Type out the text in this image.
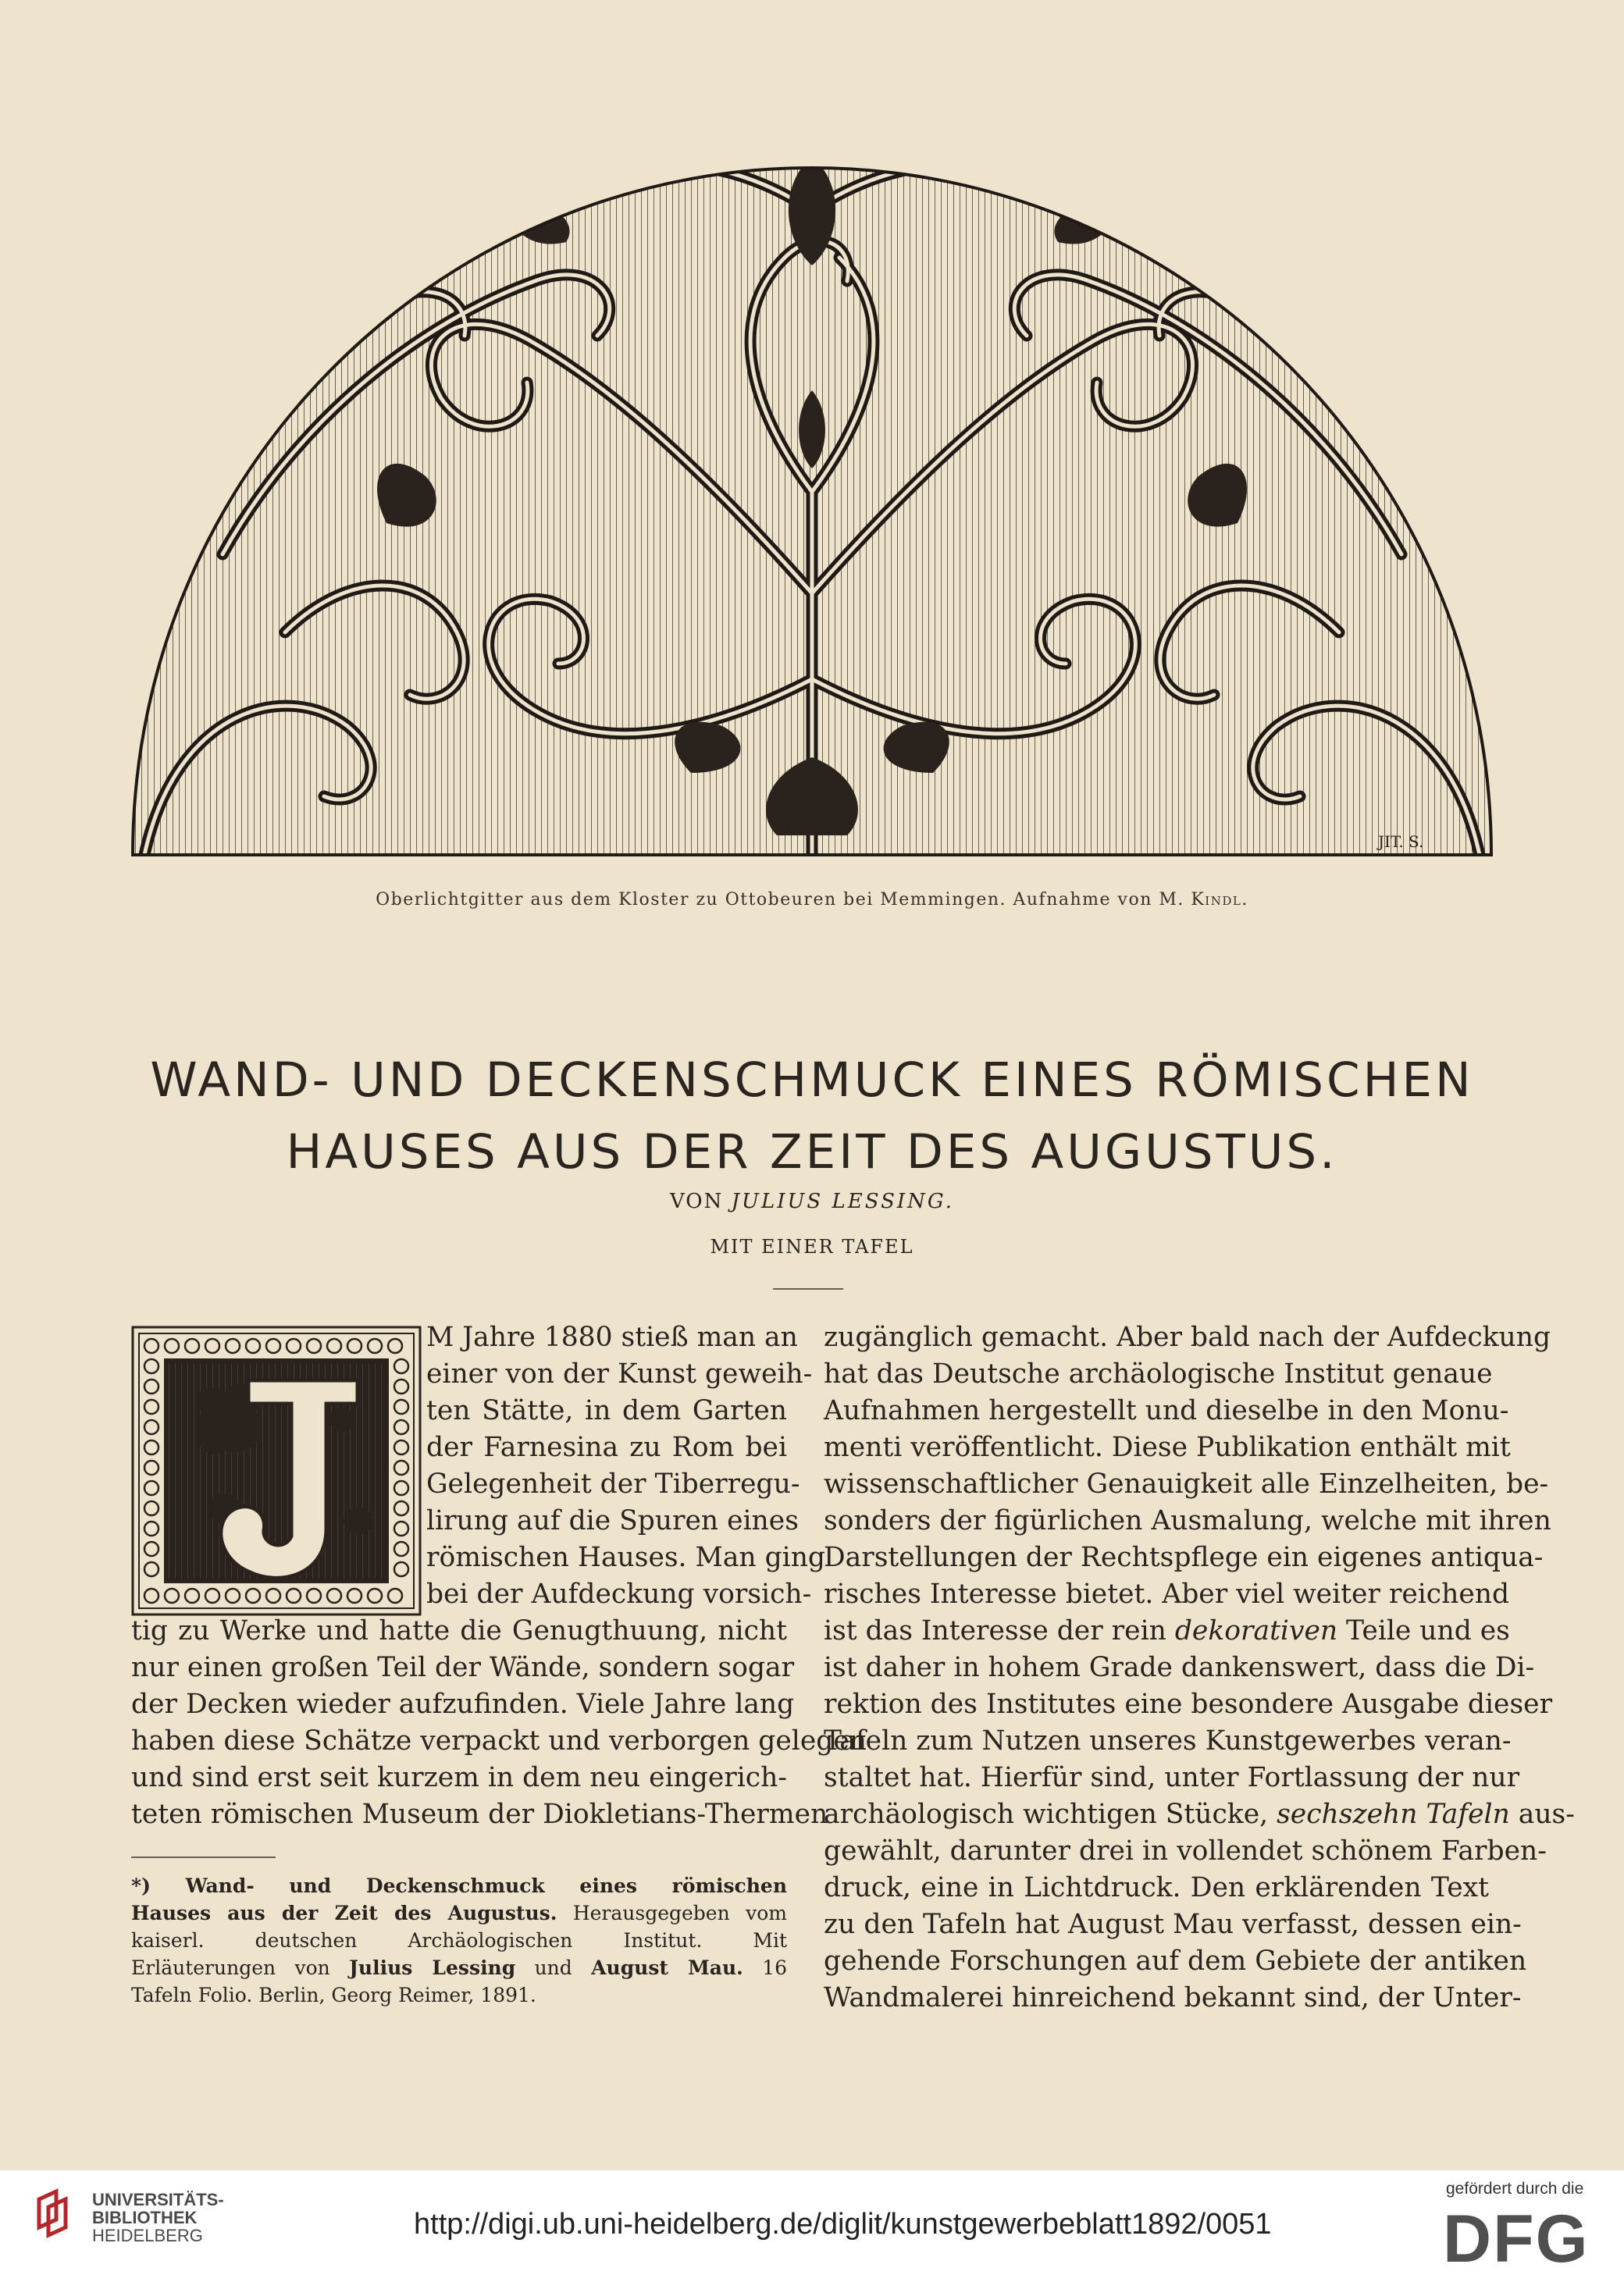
JIT. S.
Oberlichtgitter aus dem Kloster zu Ottobeuren bei Memmingen. Aufnahme von M. Kindl.
WAND- UND DECKENSCHMUCK EINES RÖMISCHEN
HAUSES AUS DER ZEIT DES AUGUSTUS.
VON JULIUS LESSING.
MIT EINER TAFEL
M Jahre 1880 stieß man an
einer von der Kunst geweih-
ten Stätte, in dem Garten
der Farnesina zu Rom bei
Gelegenheit der Tiberregu-
lirung auf die Spuren eines
römischen Hauses. Man ging
bei der Aufdeckung vorsich-
tig zu Werke und hatte die Genugthuung, nicht
nur einen großen Teil der Wände, sondern sogar
der Decken wieder aufzufinden. Viele Jahre lang
haben diese Schätze verpackt und verborgen gelegen
und sind erst seit kurzem in dem neu eingerich-
teten römischen Museum der Diokletians-Thermen
*) Wand- und Deckenschmuck eines römischen
Hauses aus der Zeit des Augustus. Herausgegeben vom
kaiserl. deutschen Archäologischen Institut. Mit
Erläuterungen von Julius Lessing und August Mau. 16
Tafeln Folio. Berlin, Georg Reimer, 1891.
zugänglich gemacht. Aber bald nach der Aufdeckung
hat das Deutsche archäologische Institut genaue
Aufnahmen hergestellt und dieselbe in den Monu-
menti veröffentlicht. Diese Publikation enthält mit
wissenschaftlicher Genauigkeit alle Einzelheiten, be-
sonders der figürlichen Ausmalung, welche mit ihren
Darstellungen der Rechtspflege ein eigenes antiqua-
risches Interesse bietet. Aber viel weiter reichend
ist das Interesse der rein dekorativen Teile und es
ist daher in hohem Grade dankenswert, dass die Di-
rektion des Institutes eine besondere Ausgabe dieser
Tafeln zum Nutzen unseres Kunstgewerbes veran-
staltet hat. Hierfür sind, unter Fortlassung der nur
archäologisch wichtigen Stücke, sechszehn Tafeln aus-
gewählt, darunter drei in vollendet schönem Farben-
druck, eine in Lichtdruck. Den erklärenden Text
zu den Tafeln hat August Mau verfasst, dessen ein-
gehende Forschungen auf dem Gebiete der antiken
Wandmalerei hinreichend bekannt sind, der Unter-
UNIVERSITÄTS-
BIBLIOTHEK
HEIDELBERG	http://digi.ub.uni-heidelberg.de/diglit/kunstgewerbeblatt1892/0051
gefördert durch die
DFG
